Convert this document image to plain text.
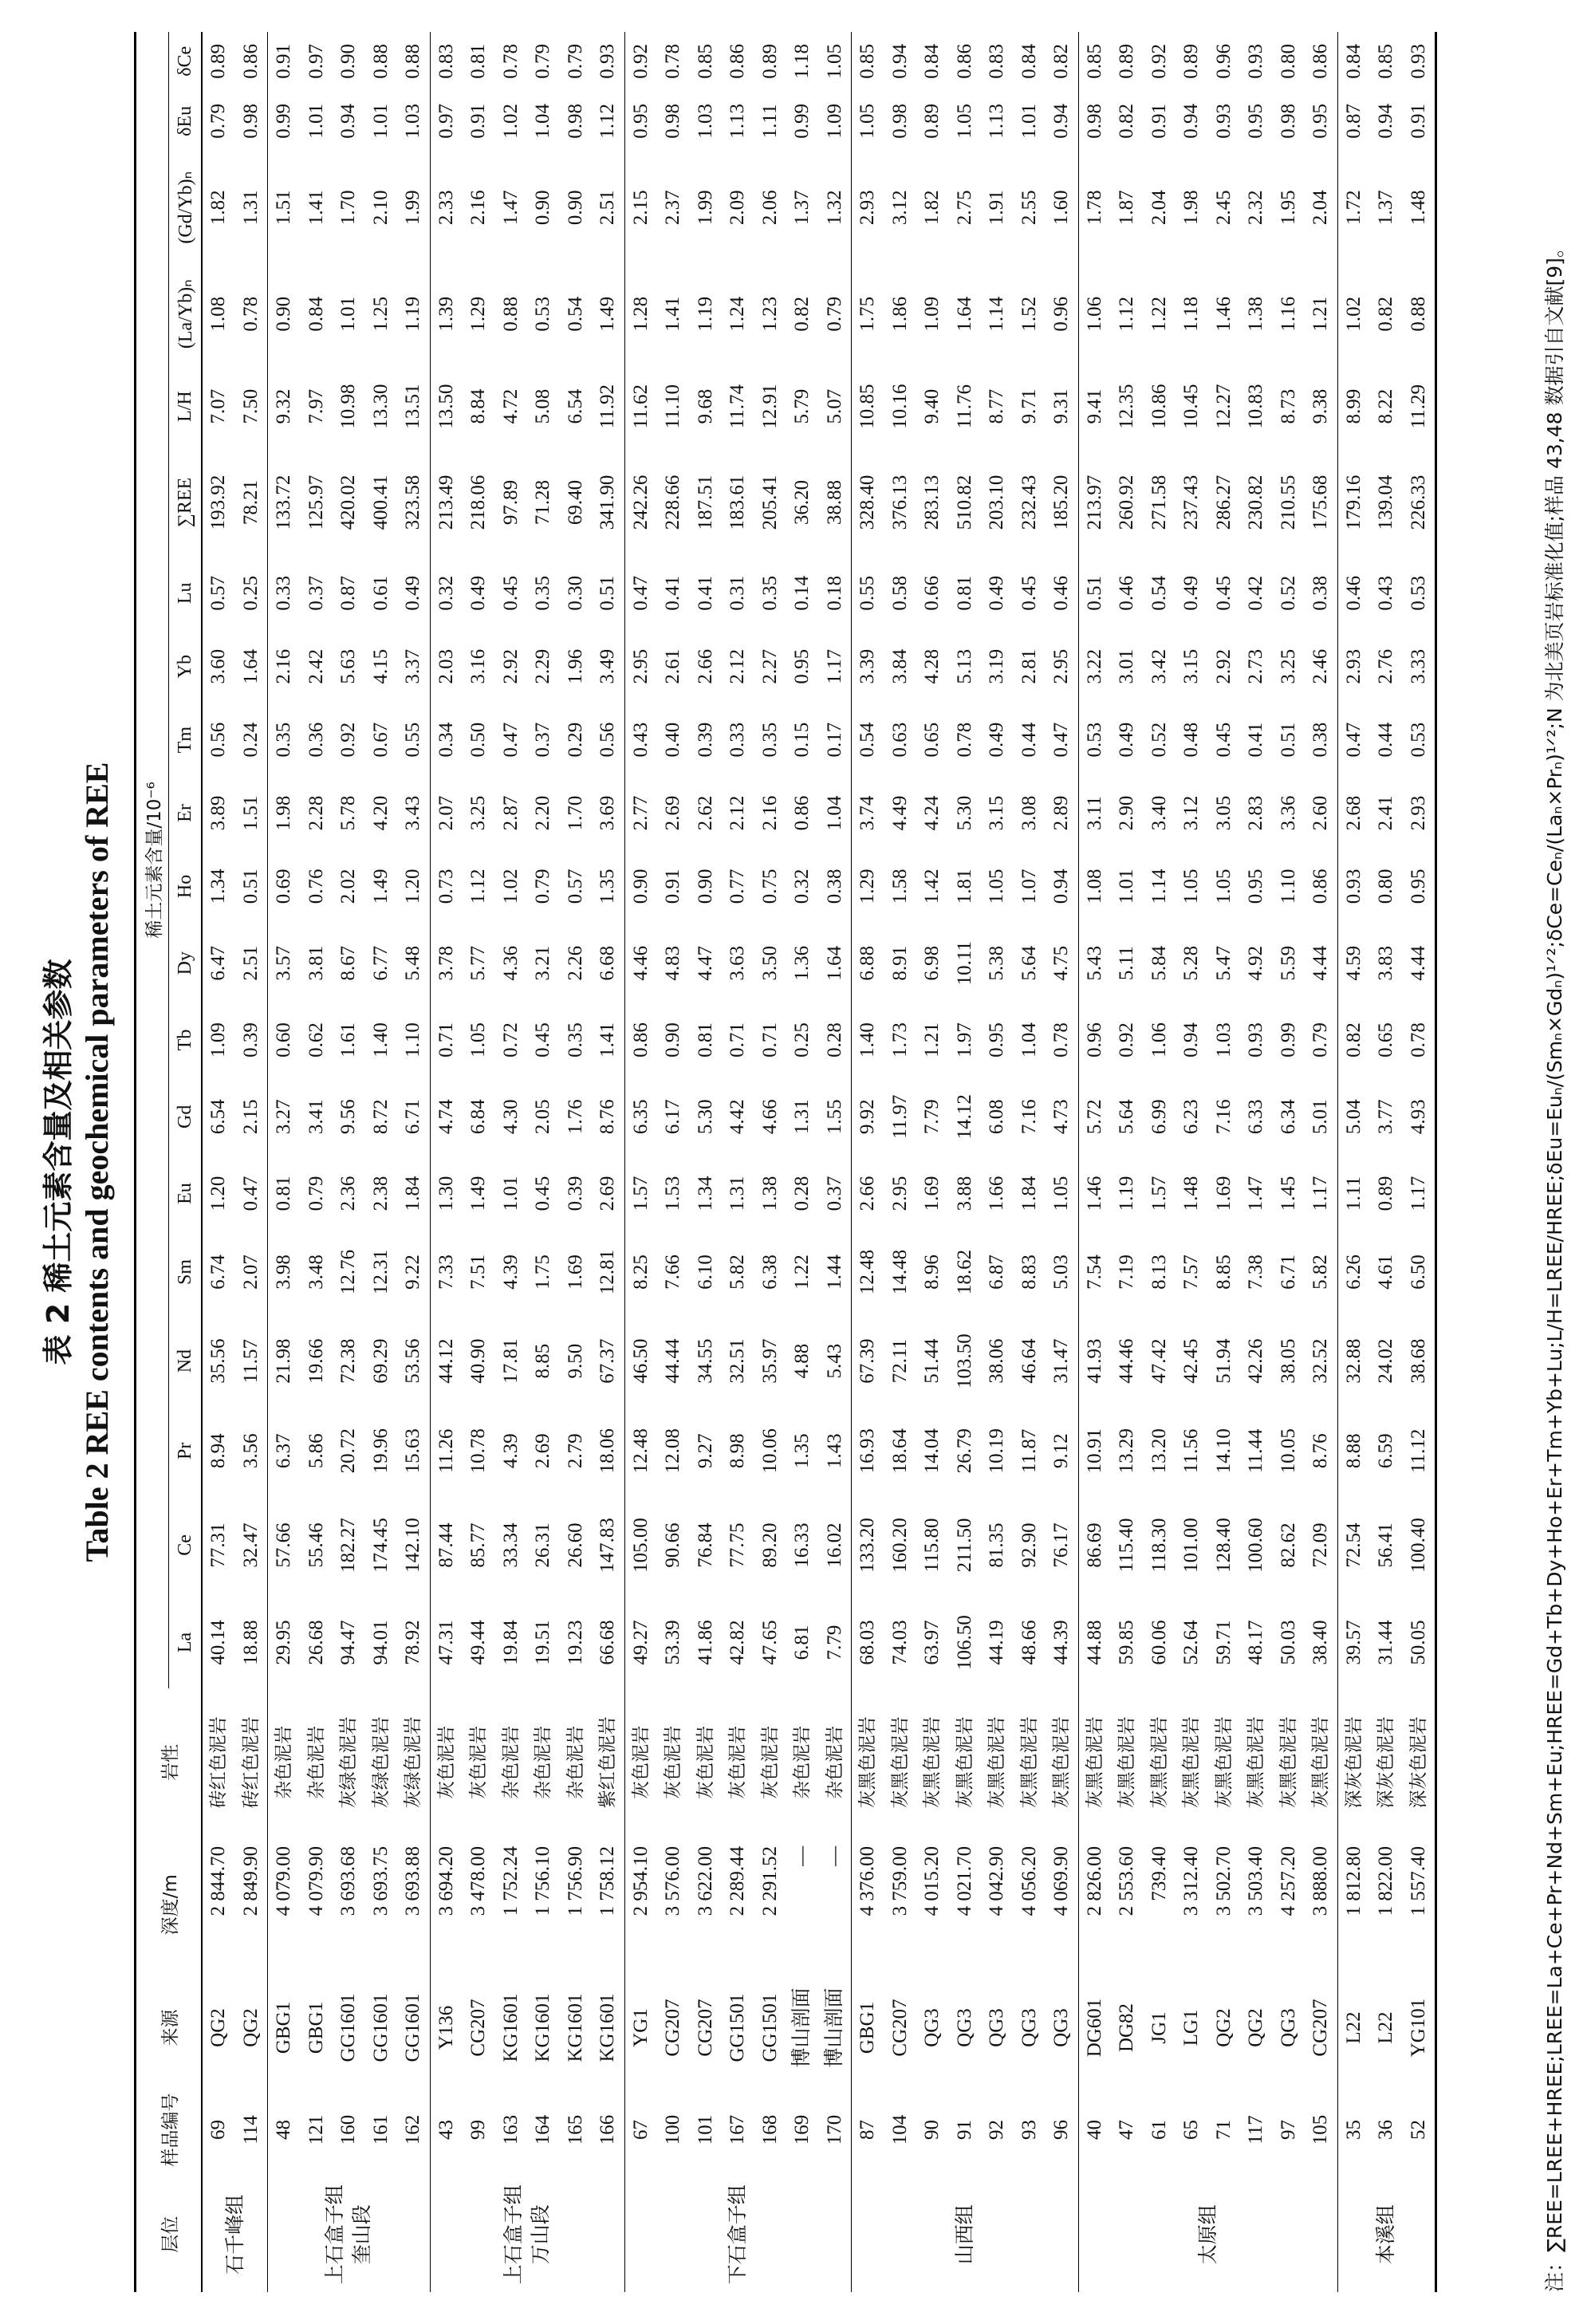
表 2 稀土元素含量及相关参数 Table 2 REE contents and geochemical parameters of REE
层位	样品编号	来源	深度/m	岩性	稀土元素含量/10⁻⁶																			
					La	Ce	Pr	Nd	Sm	Eu	Gd	Tb	Dy	Ho	Er	Tm	Yb	Lu	∑REE	L/H	(La/Yb)ₙ	(Gd/Yb)ₙ	δEu	δCe
石千峰组	69	QG2	2 844.70	砖红色泥岩	40.14	77.31	8.94	35.56	6.74	1.20	6.54	1.09	6.47	1.34	3.89	0.56	3.60	0.57	193.92	7.07	1.08	1.82	0.79	0.89
	114	QG2	2 849.90	砖红色泥岩	18.88	32.47	3.56	11.57	2.07	0.47	2.15	0.39	2.51	0.51	1.51	0.24	1.64	0.25	78.21	7.50	0.78	1.31	0.98	0.86
上石盒子组奎山段	48	GBG1	4 079.00	杂色泥岩	29.95	57.66	6.37	21.98	3.98	0.81	3.27	0.60	3.57	0.69	1.98	0.35	2.16	0.33	133.72	9.32	0.90	1.51	0.99	0.91
	121	GBG1	4 079.90	杂色泥岩	26.68	55.46	5.86	19.66	3.48	0.79	3.41	0.62	3.81	0.76	2.28	0.36	2.42	0.37	125.97	7.97	0.84	1.41	1.01	0.97
	160	GG1601	3 693.68	灰绿色泥岩	94.47	182.27	20.72	72.38	12.76	2.36	9.56	1.61	8.67	2.02	5.78	0.92	5.63	0.87	420.02	10.98	1.01	1.70	0.94	0.90
	161	GG1601	3 693.75	灰绿色泥岩	94.01	174.45	19.96	69.29	12.31	2.38	8.72	1.40	6.77	1.49	4.20	0.67	4.15	0.61	400.41	13.30	1.25	2.10	1.01	0.88
	162	GG1601	3 693.88	灰绿色泥岩	78.92	142.10	15.63	53.56	9.22	1.84	6.71	1.10	5.48	1.20	3.43	0.55	3.37	0.49	323.58	13.51	1.19	1.99	1.03	0.88
上石盒子组万山段	43	Y136	3 694.20	灰色泥岩	47.31	87.44	11.26	44.12	7.33	1.30	4.74	0.71	3.78	0.73	2.07	0.34	2.03	0.32	213.49	13.50	1.39	2.33	0.97	0.83
	99	CG207	3 478.00	灰色泥岩	49.44	85.77	10.78	40.90	7.51	1.49	6.84	1.05	5.77	1.12	3.25	0.50	3.16	0.49	218.06	8.84	1.29	2.16	0.91	0.81
	163	KG1601	1 752.24	杂色泥岩	19.84	33.34	4.39	17.81	4.39	1.01	4.30	0.72	4.36	1.02	2.87	0.47	2.92	0.45	97.89	4.72	0.88	1.47	1.02	0.78
	164	KG1601	1 756.10	杂色泥岩	19.51	26.31	2.69	8.85	1.75	0.45	2.05	0.45	3.21	0.79	2.20	0.37	2.29	0.35	71.28	5.08	0.53	0.90	1.04	0.79
	165	KG1601	1 756.90	杂色泥岩	19.23	26.60	2.79	9.50	1.69	0.39	1.76	0.35	2.26	0.57	1.70	0.29	1.96	0.30	69.40	6.54	0.54	0.90	0.98	0.79
	166	KG1601	1 758.12	紫红色泥岩	66.68	147.83	18.06	67.37	12.81	2.69	8.76	1.41	6.68	1.35	3.69	0.56	3.49	0.51	341.90	11.92	1.49	2.51	1.12	0.93
下石盒子组	67	YG1	2 954.10	灰色泥岩	49.27	105.00	12.48	46.50	8.25	1.57	6.35	0.86	4.46	0.90	2.77	0.43	2.95	0.47	242.26	11.62	1.28	2.15	0.95	0.92
	100	CG207	3 576.00	灰色泥岩	53.39	90.66	12.08	44.44	7.66	1.53	6.17	0.90	4.83	0.91	2.69	0.40	2.61	0.41	228.66	11.10	1.41	2.37	0.98	0.78
	101	CG207	3 622.00	灰色泥岩	41.86	76.84	9.27	34.55	6.10	1.34	5.30	0.81	4.47	0.90	2.62	0.39	2.66	0.41	187.51	9.68	1.19	1.99	1.03	0.85
	167	GG1501	2 289.44	灰色泥岩	42.82	77.75	8.98	32.51	5.82	1.31	4.42	0.71	3.63	0.77	2.12	0.33	2.12	0.31	183.61	11.74	1.24	2.09	1.13	0.86
	168	GG1501	2 291.52	灰色泥岩	47.65	89.20	10.06	35.97	6.38	1.38	4.66	0.71	3.50	0.75	2.16	0.35	2.27	0.35	205.41	12.91	1.23	2.06	1.11	0.89
	169	博山剖面	—	杂色泥岩	6.81	16.33	1.35	4.88	1.22	0.28	1.31	0.25	1.36	0.32	0.86	0.15	0.95	0.14	36.20	5.79	0.82	1.37	0.99	1.18
	170	博山剖面	—	杂色泥岩	7.79	16.02	1.43	5.43	1.44	0.37	1.55	0.28	1.64	0.38	1.04	0.17	1.17	0.18	38.88	5.07	0.79	1.32	1.09	1.05
山西组	87	GBG1	4 376.00	灰黑色泥岩	68.03	133.20	16.93	67.39	12.48	2.66	9.92	1.40	6.88	1.29	3.74	0.54	3.39	0.55	328.40	10.85	1.75	2.93	1.05	0.85
	104	CG207	3 759.00	灰黑色泥岩	74.03	160.20	18.64	72.11	14.48	2.95	11.97	1.73	8.91	1.58	4.49	0.63	3.84	0.58	376.13	10.16	1.86	3.12	0.98	0.94
	90	QG3	4 015.20	灰黑色泥岩	63.97	115.80	14.04	51.44	8.96	1.69	7.79	1.21	6.98	1.42	4.24	0.65	4.28	0.66	283.13	9.40	1.09	1.82	0.89	0.84
	91	QG3	4 021.70	灰黑色泥岩	106.50	211.50	26.79	103.50	18.62	3.88	14.12	1.97	10.11	1.81	5.30	0.78	5.13	0.81	510.82	11.76	1.64	2.75	1.05	0.86
	92	QG3	4 042.90	灰黑色泥岩	44.19	81.35	10.19	38.06	6.87	1.66	6.08	0.95	5.38	1.05	3.15	0.49	3.19	0.49	203.10	8.77	1.14	1.91	1.13	0.83
	93	QG3	4 056.20	灰黑色泥岩	48.66	92.90	11.87	46.64	8.83	1.84	7.16	1.04	5.64	1.07	3.08	0.44	2.81	0.45	232.43	9.71	1.52	2.55	1.01	0.84
	96	QG3	4 069.90	灰黑色泥岩	44.39	76.17	9.12	31.47	5.03	1.05	4.73	0.78	4.75	0.94	2.89	0.47	2.95	0.46	185.20	9.31	0.96	1.60	0.94	0.82
太原组	40	DG601	2 826.00	灰黑色泥岩	44.88	86.69	10.91	41.93	7.54	1.46	5.72	0.96	5.43	1.08	3.11	0.53	3.22	0.51	213.97	9.41	1.06	1.78	0.98	0.85
	47	DG82	2 553.60	灰黑色泥岩	59.85	115.40	13.29	44.46	7.19	1.19	5.64	0.92	5.11	1.01	2.90	0.49	3.01	0.46	260.92	12.35	1.12	1.87	0.82	0.89
	61	JG1	739.40	灰黑色泥岩	60.06	118.30	13.20	47.42	8.13	1.57	6.99	1.06	5.84	1.14	3.40	0.52	3.42	0.54	271.58	10.86	1.22	2.04	0.91	0.92
	65	LG1	3 312.40	灰黑色泥岩	52.64	101.00	11.56	42.45	7.57	1.48	6.23	0.94	5.28	1.05	3.12	0.48	3.15	0.49	237.43	10.45	1.18	1.98	0.94	0.89
	71	QG2	3 502.70	灰黑色泥岩	59.71	128.40	14.10	51.94	8.85	1.69	7.16	1.03	5.47	1.05	3.05	0.45	2.92	0.45	286.27	12.27	1.46	2.45	0.93	0.96
	117	QG2	3 503.40	灰黑色泥岩	48.17	100.60	11.44	42.26	7.38	1.47	6.33	0.93	4.92	0.95	2.83	0.41	2.73	0.42	230.82	10.83	1.38	2.32	0.95	0.93
	97	QG3	4 257.20	灰黑色泥岩	50.03	82.62	10.05	38.05	6.71	1.45	6.34	0.99	5.59	1.10	3.36	0.51	3.25	0.52	210.55	8.73	1.16	1.95	0.98	0.80
	105	CG207	3 888.00	灰黑色泥岩	38.40	72.09	8.76	32.52	5.82	1.17	5.01	0.79	4.44	0.86	2.60	0.38	2.46	0.38	175.68	9.38	1.21	2.04	0.95	0.86
本溪组	35	L22	1 812.80	深灰色泥岩	39.57	72.54	8.88	32.88	6.26	1.11	5.04	0.82	4.59	0.93	2.68	0.47	2.93	0.46	179.16	8.99	1.02	1.72	0.87	0.84
	36	L22	1 822.00	深灰色泥岩	31.44	56.41	6.59	24.02	4.61	0.89	3.77	0.65	3.83	0.80	2.41	0.44	2.76	0.43	139.04	8.22	0.82	1.37	0.94	0.85
	52	YG101	1 557.40	深灰色泥岩	50.05	100.40	11.12	38.68	6.50	1.17	4.93	0.78	4.44	0.95	2.93	0.53	3.33	0.53	226.33	11.29	0.88	1.48	0.91	0.93
注：∑REE=LREE+HREE;LREE=La+Ce+Pr+Nd+Sm+Eu;HREE=Gd+Tb+Dy+Ho+Er+Tm+Yb+Lu;L/H=LREE/HREE;δEu=Euₙ/(Smₙ×Gdₙ)¹ᐟ²;δCe=Ceₙ/(Laₙ×Prₙ)¹ᐟ²;N 为北美页岩标准化值;样品 43,48 数据引自文献[9]。
